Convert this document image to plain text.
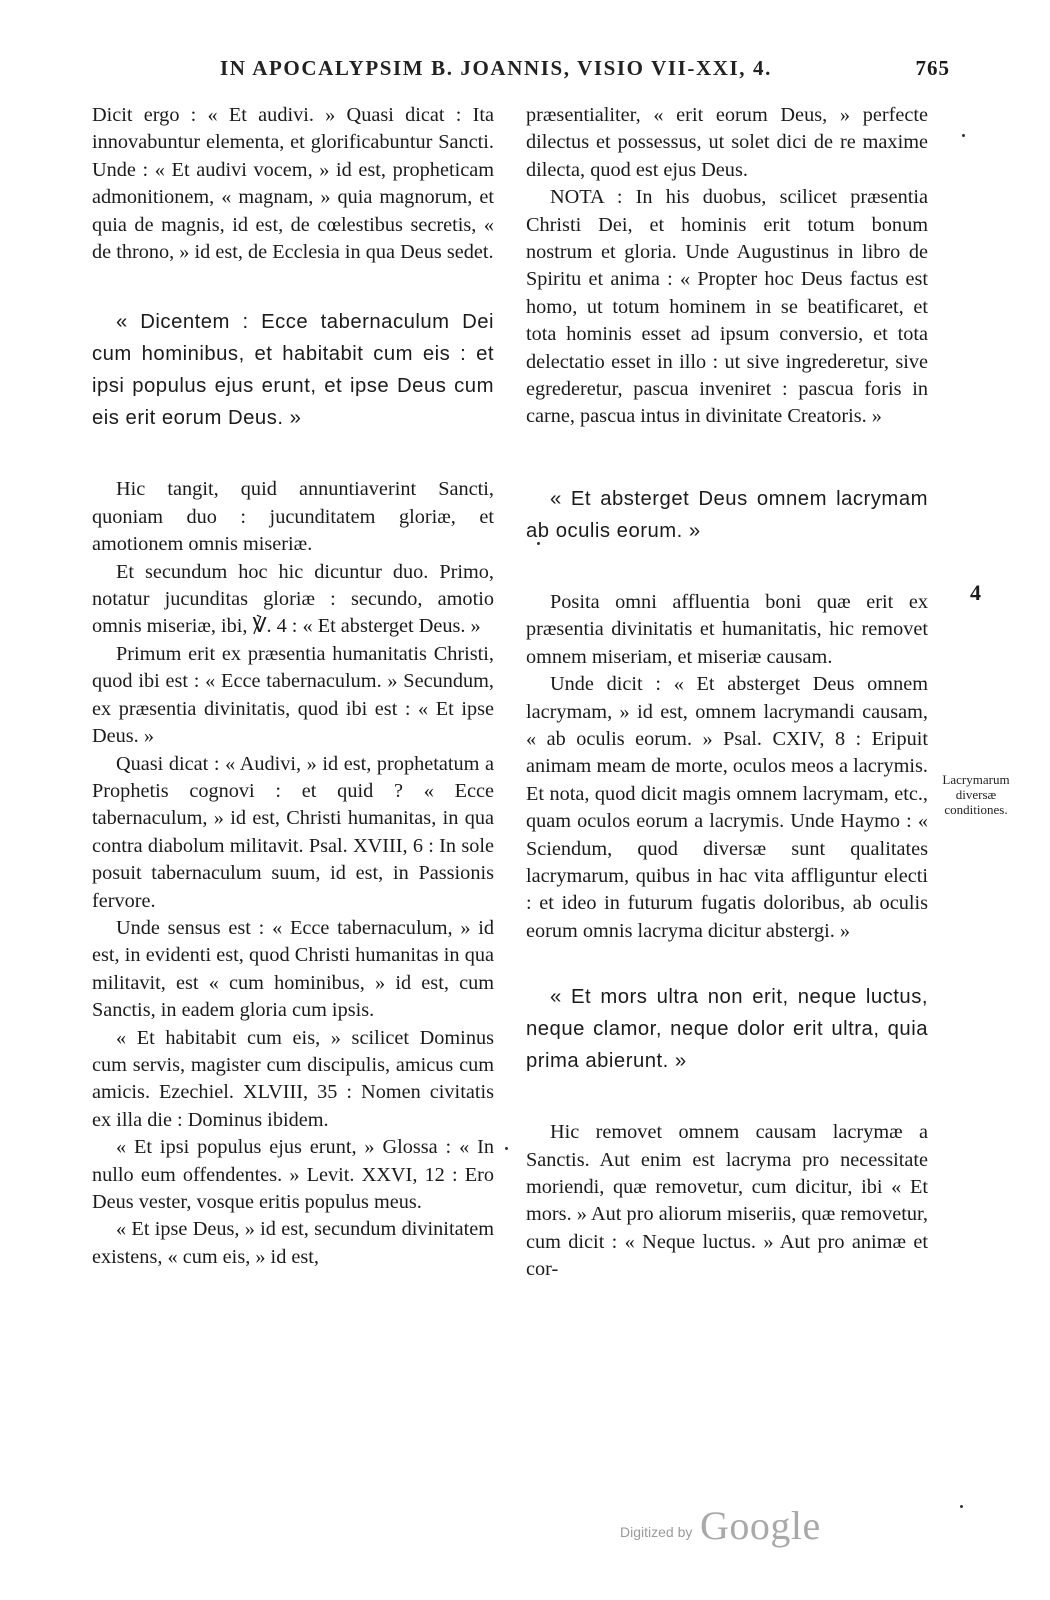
IN APOCALYPSIM B. JOANNIS, VISIO VII-XXI, 4.	765

Dicit ergo : « Et audivi. » Quasi dicat : Ita innovabuntur elementa, et glorificabuntur Sancti. Unde : « Et audivi vocem, » id est, propheticam admonitionem, « magnam, » quia magnorum, et quia de magnis, id est, de cœlestibus secretis, « de throno, » id est, de Ecclesia in qua Deus sedet.

« Dicentem : Ecce tabernaculum Dei cum hominibus, et habitabit cum eis : et ipsi populus ejus erunt, et ipse Deus cum eis erit eorum Deus. »

Hic tangit, quid annuntiaverint Sancti, quoniam duo : jucunditatem gloriæ, et amotionem omnis miseriæ.

Et secundum hoc hic dicuntur duo. Primo, notatur jucunditas gloriæ : secundo, amotio omnis miseriæ, ibi, ℣. 4 : « Et absterget Deus. »

Primum erit ex præsentia humanitatis Christi, quod ibi est : « Ecce tabernaculum. » Secundum, ex præsentia divinitatis, quod ibi est : « Et ipse Deus. »

Quasi dicat : « Audivi, » id est, prophetatum a Prophetis cognovi : et quid ? « Ecce tabernaculum, » id est, Christi humanitas, in qua contra diabolum militavit. Psal. XVIII, 6 : In sole posuit tabernaculum suum, id est, in Passionis fervore.

Unde sensus est : « Ecce tabernaculum, » id est, in evidenti est, quod Christi humanitas in qua militavit, est « cum hominibus, » id est, cum Sanctis, in eadem gloria cum ipsis.

« Et habitabit cum eis, » scilicet Dominus cum servis, magister cum discipulis, amicus cum amicis. Ezechiel. XLVIII, 35 : Nomen civitatis ex illa die : Dominus ibidem.

« Et ipsi populus ejus erunt, » Glossa : « In nullo eum offendentes. » Levit. XXVI, 12 : Ero Deus vester, vosque eritis populus meus.

« Et ipse Deus, » id est, secundum divinitatem existens, « cum eis, » id est,

præsentialiter, « erit eorum Deus, » perfecte dilectus et possessus, ut solet dici de re maxime dilecta, quod est ejus Deus.

NOTA : In his duobus, scilicet præsentia Christi Dei, et hominis erit totum bonum nostrum et gloria. Unde Augustinus in libro de Spiritu et anima : « Propter hoc Deus factus est homo, ut totum hominem in se beatificaret, et tota hominis esset ad ipsum conversio, et tota delectatio esset in illo : ut sive ingrederetur, sive egrederetur, pascua inveniret : pascua foris in carne, pascua intus in divinitate Creatoris. »

« Et absterget Deus omnem lacrymam ab oculis eorum. »

Posita omni affluentia boni quæ erit ex præsentia divinitatis et humanitatis, hic removet omnem miseriam, et miseriæ causam.

Unde dicit : « Et absterget Deus omnem lacrymam, » id est, omnem lacrymandi causam, « ab oculis eorum. » Psal. CXIV, 8 : Eripuit animam meam de morte, oculos meos a lacrymis. Et nota, quod dicit magis omnem lacrymam, etc., quam oculos eorum a lacrymis. Unde Haymo : « Sciendum, quod diversæ sunt qualitates lacrymarum, quibus in hac vita affliguntur electi : et ideo in futurum fugatis doloribus, ab oculis eorum omnis lacryma dicitur abstergi. »

« Et mors ultra non erit, neque luctus, neque clamor, neque dolor erit ultra, quia prima abierunt. »

Hic removet omnem causam lacrymæ a Sanctis. Aut enim est lacryma pro necessitate moriendi, quæ removetur, cum dicitur, ibi « Et mors. » Aut pro aliorum miseriis, quæ removetur, cum dicit : « Neque luctus. » Aut pro animæ et cor-

4
Lacrymarum diversæ conditiones.
Digitized by Google
